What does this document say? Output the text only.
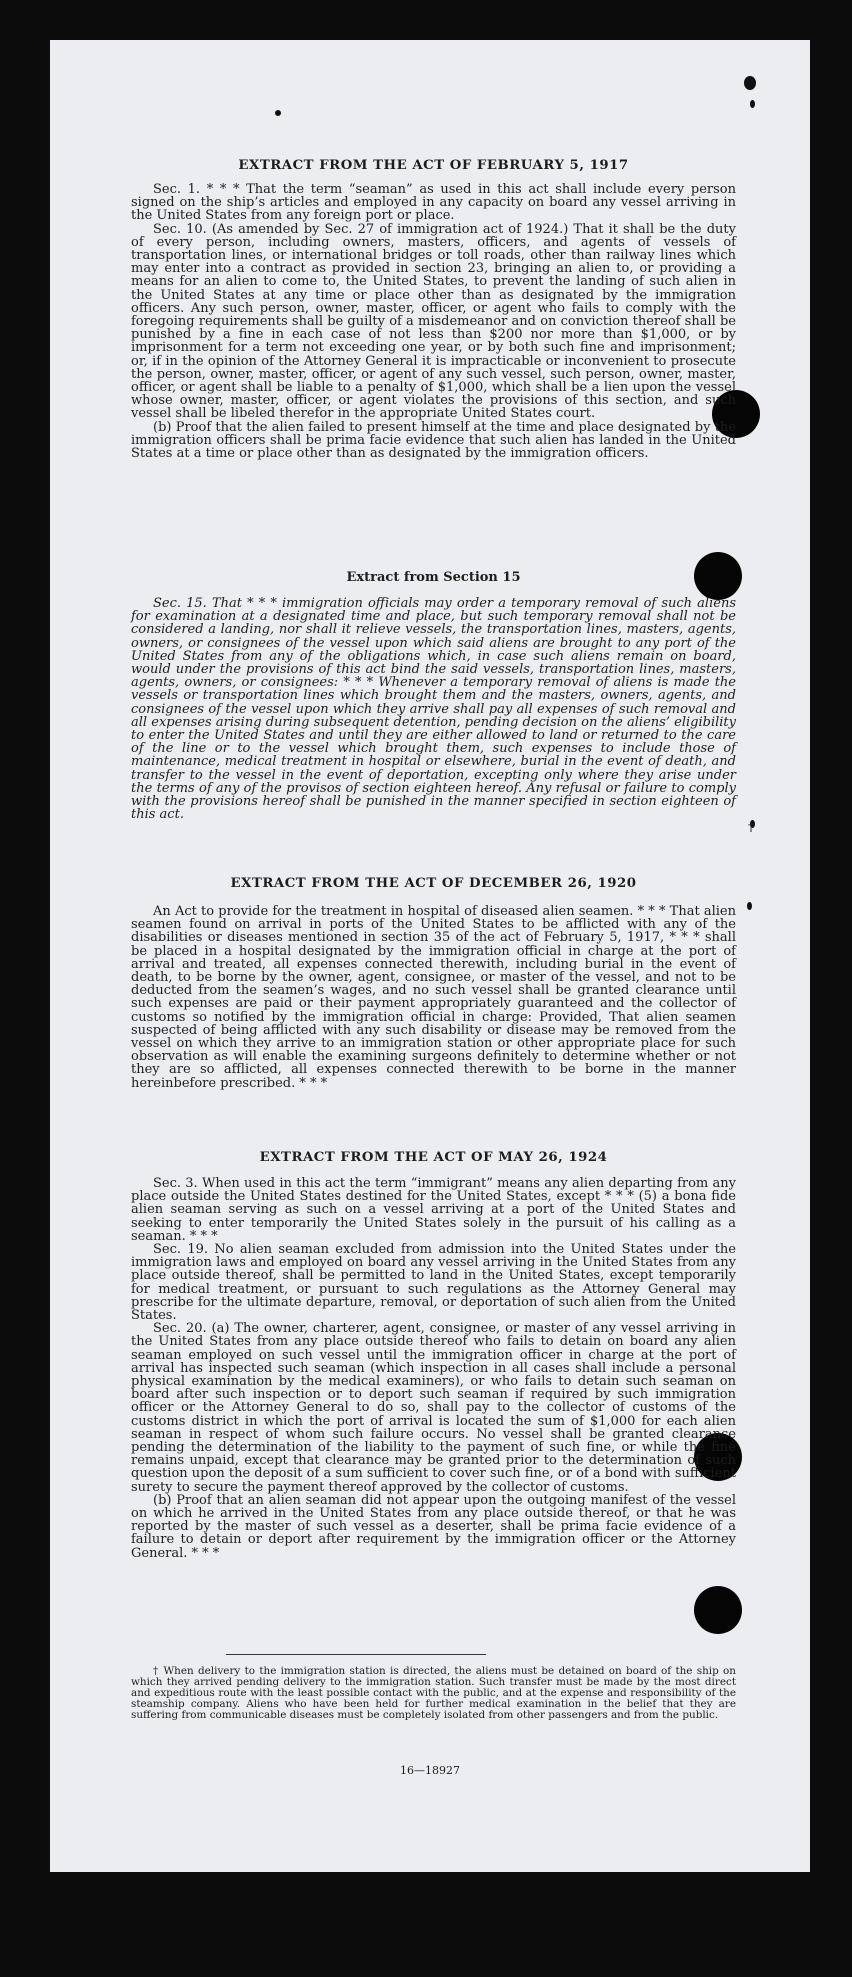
EXTRACT FROM THE ACT OF FEBRUARY 5, 1917

Sec. 1. * * * That the term “seaman” as used in this act shall include every person signed on the ship’s articles and employed in any capacity on board any vessel arriving in the United States from any foreign port or place.

Sec. 10. (As amended by Sec. 27 of immigration act of 1924.) That it shall be the duty of every person, including owners, masters, officers, and agents of vessels of transportation lines, or international bridges or toll roads, other than railway lines which may enter into a contract as provided in section 23, bringing an alien to, or providing a means for an alien to come to, the United States, to prevent the landing of such alien in the United States at any time or place other than as designated by the immigration officers. Any such person, owner, master, officer, or agent who fails to comply with the foregoing requirements shall be guilty of a misdemeanor and on conviction thereof shall be punished by a fine in each case of not less than $200 nor more than $1,000, or by imprisonment for a term not exceeding one year, or by both such fine and imprisonment; or, if in the opinion of the Attorney General it is impracticable or inconvenient to prosecute the person, owner, master, officer, or agent of any such vessel, such person, owner, master, officer, or agent shall be liable to a penalty of $1,000, which shall be a lien upon the vessel whose owner, master, officer, or agent violates the provisions of this section, and such vessel shall be libeled therefor in the appropriate United States court.

(b) Proof that the alien failed to present himself at the time and place designated by the immigration officers shall be prima facie evidence that such alien has landed in the United States at a time or place other than as designated by the immigration officers.

Extract from Section 15

Sec. 15. That * * * immigration officials may order a temporary removal of such aliens for examination at a designated time and place, but such temporary removal shall not be considered a landing, nor shall it relieve vessels, the transportation lines, masters, agents, owners, or consignees of the vessel upon which said aliens are brought to any port of the United States from any of the obligations which, in case such aliens remain on board, would under the provisions of this act bind the said vessels, transportation lines, masters, agents, owners, or consignees: * * * Whenever a temporary removal of aliens is made the vessels or transportation lines which brought them and the masters, owners, agents, and consignees of the vessel upon which they arrive shall pay all expenses of such removal and all expenses arising during subsequent detention, pending decision on the aliens’ eligibility to enter the United States and until they are either allowed to land or returned to the care of the line or to the vessel which brought them, such expenses to include those of maintenance, medical treatment in hospital or elsewhere, burial in the event of death, and transfer to the vessel in the event of deportation, excepting only where they arise under the terms of any of the provisos of section eighteen hereof. Any refusal or failure to comply with the provisions hereof shall be punished in the manner specified in section eighteen of this act.

†
EXTRACT FROM THE ACT OF DECEMBER 26, 1920

An Act to provide for the treatment in hospital of diseased alien seamen. * * * That alien seamen found on arrival in ports of the United States to be afflicted with any of the disabilities or diseases mentioned in section 35 of the act of February 5, 1917, * * * shall be placed in a hospital designated by the immigration official in charge at the port of arrival and treated, all expenses connected therewith, including burial in the event of death, to be borne by the owner, agent, consignee, or master of the vessel, and not to be deducted from the seamen’s wages, and no such vessel shall be granted clearance until such expenses are paid or their payment appropriately guaranteed and the collector of customs so notified by the immigration official in charge: Provided, That alien seamen suspected of being afflicted with any such disability or disease may be removed from the vessel on which they arrive to an immigration station or other appropriate place for such observation as will enable the examining surgeons definitely to determine whether or not they are so afflicted, all expenses connected therewith to be borne in the manner hereinbefore prescribed. * * *

EXTRACT FROM THE ACT OF MAY 26, 1924

Sec. 3. When used in this act the term “immigrant” means any alien departing from any place outside the United States destined for the United States, except * * * (5) a bona fide alien seaman serving as such on a vessel arriving at a port of the United States and seeking to enter temporarily the United States solely in the pursuit of his calling as a seaman. * * *

Sec. 19. No alien seaman excluded from admission into the United States under the immigration laws and employed on board any vessel arriving in the United States from any place outside thereof, shall be permitted to land in the United States, except temporarily for medical treatment, or pursuant to such regulations as the Attorney General may prescribe for the ultimate departure, removal, or deportation of such alien from the United States.

Sec. 20. (a) The owner, charterer, agent, consignee, or master of any vessel arriving in the United States from any place outside thereof who fails to detain on board any alien seaman employed on such vessel until the immigration officer in charge at the port of arrival has inspected such seaman (which inspection in all cases shall include a personal physical examination by the medical examiners), or who fails to detain such seaman on board after such inspection or to deport such seaman if required by such immigration officer or the Attorney General to do so, shall pay to the collector of customs of the customs district in which the port of arrival is located the sum of $1,000 for each alien seaman in respect of whom such failure occurs. No vessel shall be granted clearance pending the determination of the liability to the payment of such fine, or while the fine remains unpaid, except that clearance may be granted prior to the determination of such question upon the deposit of a sum sufficient to cover such fine, or of a bond with sufficient surety to secure the payment thereof approved by the collector of customs.

(b) Proof that an alien seaman did not appear upon the outgoing manifest of the vessel on which he arrived in the United States from any place outside thereof, or that he was reported by the master of such vessel as a deserter, shall be prima facie evidence of a failure to detain or deport after requirement by the immigration officer or the Attorney General. * * *

† When delivery to the immigration station is directed, the aliens must be detained on board of the ship on which they arrived pending delivery to the immigration station. Such transfer must be made by the most direct and expeditious route with the least possible contact with the public, and at the expense and responsibility of the steamship company. Aliens who have been held for further medical examination in the belief that they are suffering from communicable diseases must be completely isolated from other passengers and from the public.

16—18927
